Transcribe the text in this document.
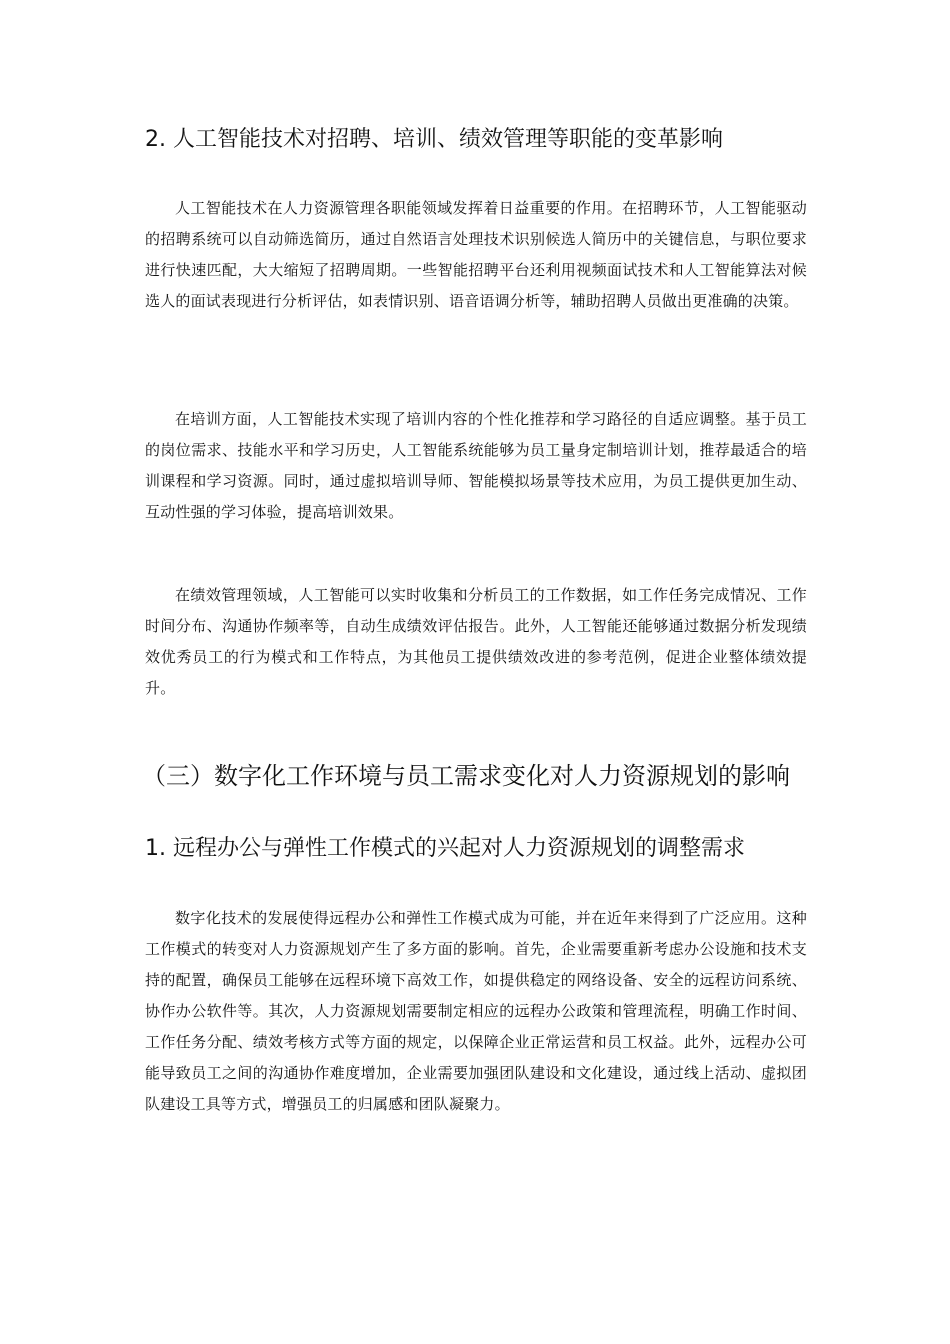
2. 人工智能技术对招聘、培训、绩效管理等职能的变革影响

人工智能技术在人力资源管理各职能领域发挥着日益重要的作用。在招聘环节，人工智能驱动的招聘系统可以自动筛选简历，通过自然语言处理技术识别候选人简历中的关键信息，与职位要求进行快速匹配，大大缩短了招聘周期。一些智能招聘平台还利用视频面试技术和人工智能算法对候选人的面试表现进行分析评估，如表情识别、语音语调分析等，辅助招聘人员做出更准确的决策。

在培训方面，人工智能技术实现了培训内容的个性化推荐和学习路径的自适应调整。基于员工的岗位需求、技能水平和学习历史，人工智能系统能够为员工量身定制培训计划，推荐最适合的培训课程和学习资源。同时，通过虚拟培训导师、智能模拟场景等技术应用，为员工提供更加生动、互动性强的学习体验，提高培训效果。

在绩效管理领域，人工智能可以实时收集和分析员工的工作数据，如工作任务完成情况、工作时间分布、沟通协作频率等，自动生成绩效评估报告。此外，人工智能还能够通过数据分析发现绩效优秀员工的行为模式和工作特点，为其他员工提供绩效改进的参考范例，促进企业整体绩效提升。

（三）数字化工作环境与员工需求变化对人力资源规划的影响
1. 远程办公与弹性工作模式的兴起对人力资源规划的调整需求

数字化技术的发展使得远程办公和弹性工作模式成为可能，并在近年来得到了广泛应用。这种工作模式的转变对人力资源规划产生了多方面的影响。首先，企业需要重新考虑办公设施和技术支持的配置，确保员工能够在远程环境下高效工作，如提供稳定的网络设备、安全的远程访问系统、协作办公软件等。其次，人力资源规划需要制定相应的远程办公政策和管理流程，明确工作时间、工作任务分配、绩效考核方式等方面的规定，以保障企业正常运营和员工权益。此外，远程办公可能导致员工之间的沟通协作难度增加，企业需要加强团队建设和文化建设，通过线上活动、虚拟团队建设工具等方式，增强员工的归属感和团队凝聚力。
